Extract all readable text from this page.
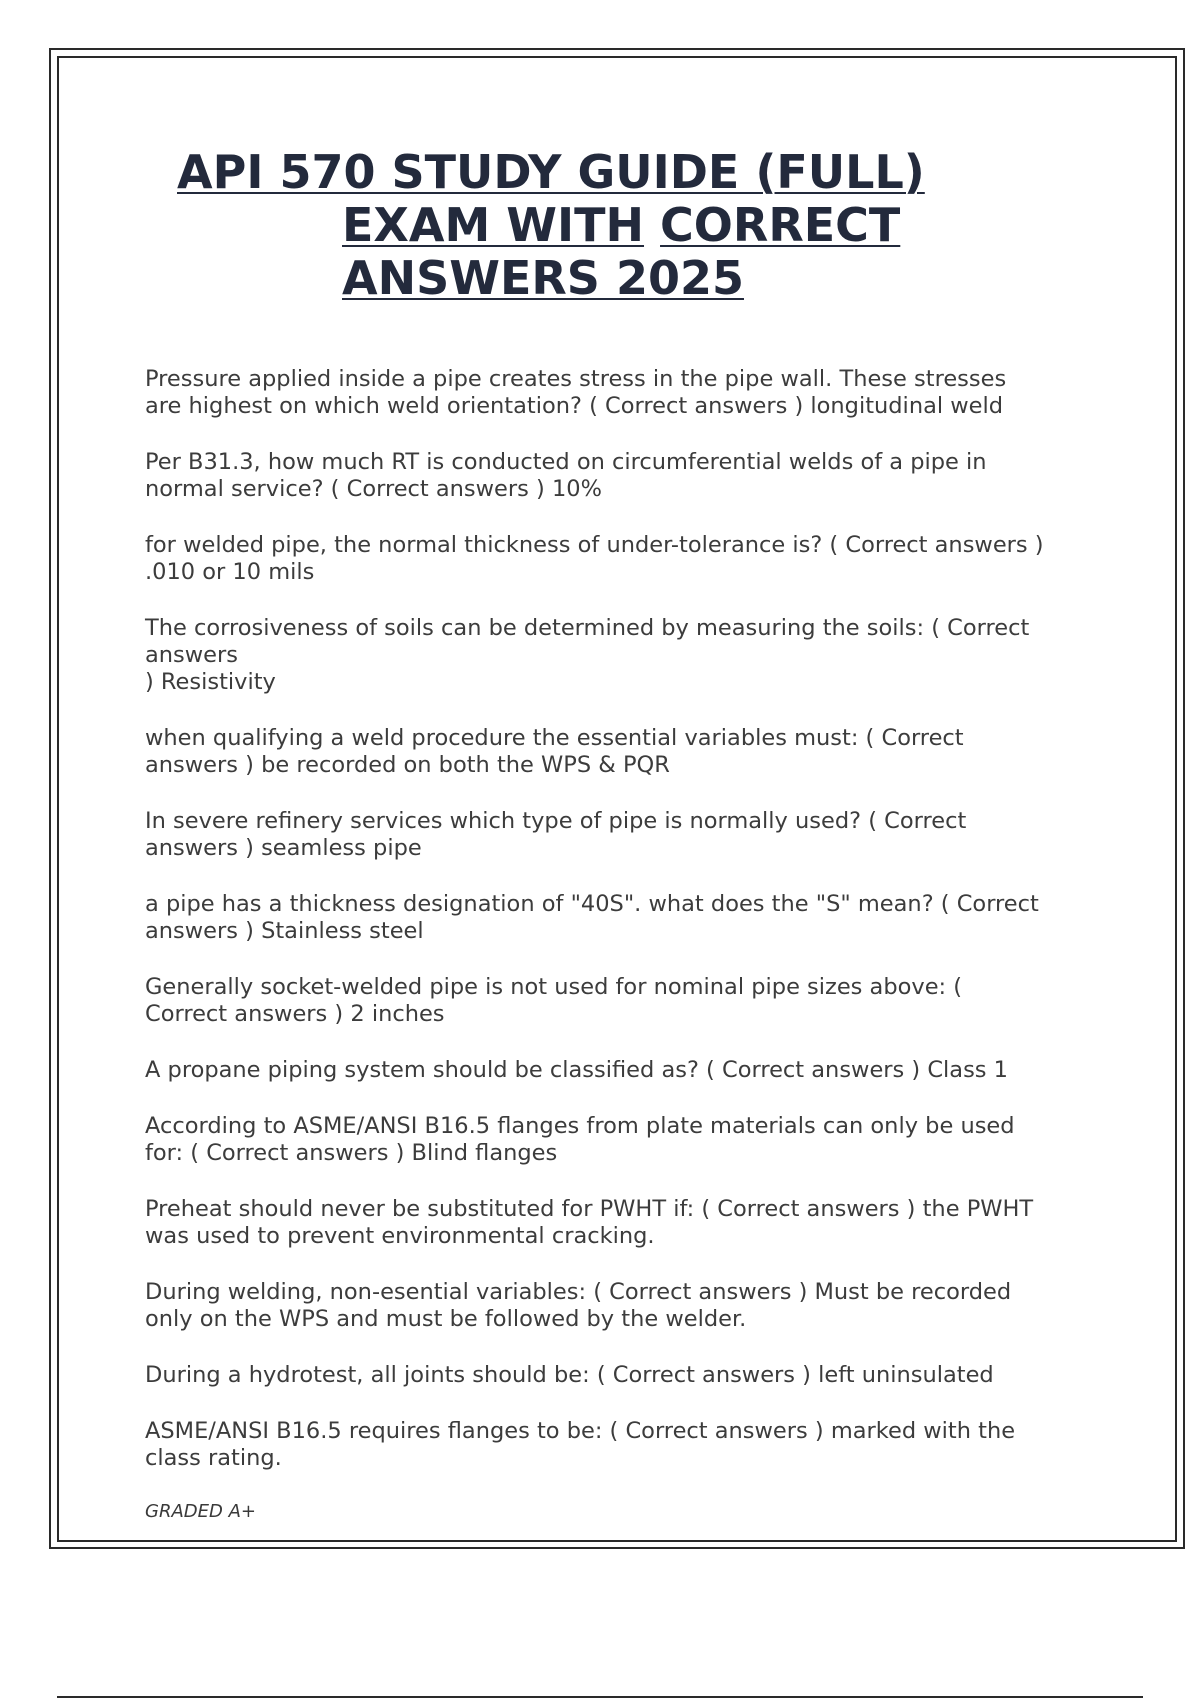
API 570 STUDY GUIDE (FULL)
EXAM WITH CORRECT
ANSWERS 2025
Pressure applied inside a pipe creates stress in the pipe wall. These stresses are highest on which weld orientation? ( Correct answers ) longitudinal weld
Per B31.3, how much RT is conducted on circumferential welds of a pipe in normal service? ( Correct answers ) 10%
for welded pipe, the normal thickness of under-tolerance is? ( Correct answers ) .010 or 10 mils
The corrosiveness of soils can be determined by measuring the soils: ( Correct answers
) Resistivity
when qualifying a weld procedure the essential variables must: ( Correct answers ) be recorded on both the WPS & PQR
In severe refinery services which type of pipe is normally used? ( Correct answers ) seamless pipe
a pipe has a thickness designation of "40S". what does the "S" mean? ( Correct answers ) Stainless steel
Generally socket-welded pipe is not used for nominal pipe sizes above: ( Correct answers ) 2 inches
A propane piping system should be classified as? ( Correct answers ) Class 1
According to ASME/ANSI B16.5 flanges from plate materials can only be used for: ( Correct answers ) Blind flanges
Preheat should never be substituted for PWHT if: ( Correct answers ) the PWHT was used to prevent environmental cracking.
During welding, non-esential variables: ( Correct answers ) Must be recorded only on the WPS and must be followed by the welder.
During a hydrotest, all joints should be: ( Correct answers ) left uninsulated
ASME/ANSI B16.5 requires flanges to be: ( Correct answers ) marked with the class rating.
GRADED A+
